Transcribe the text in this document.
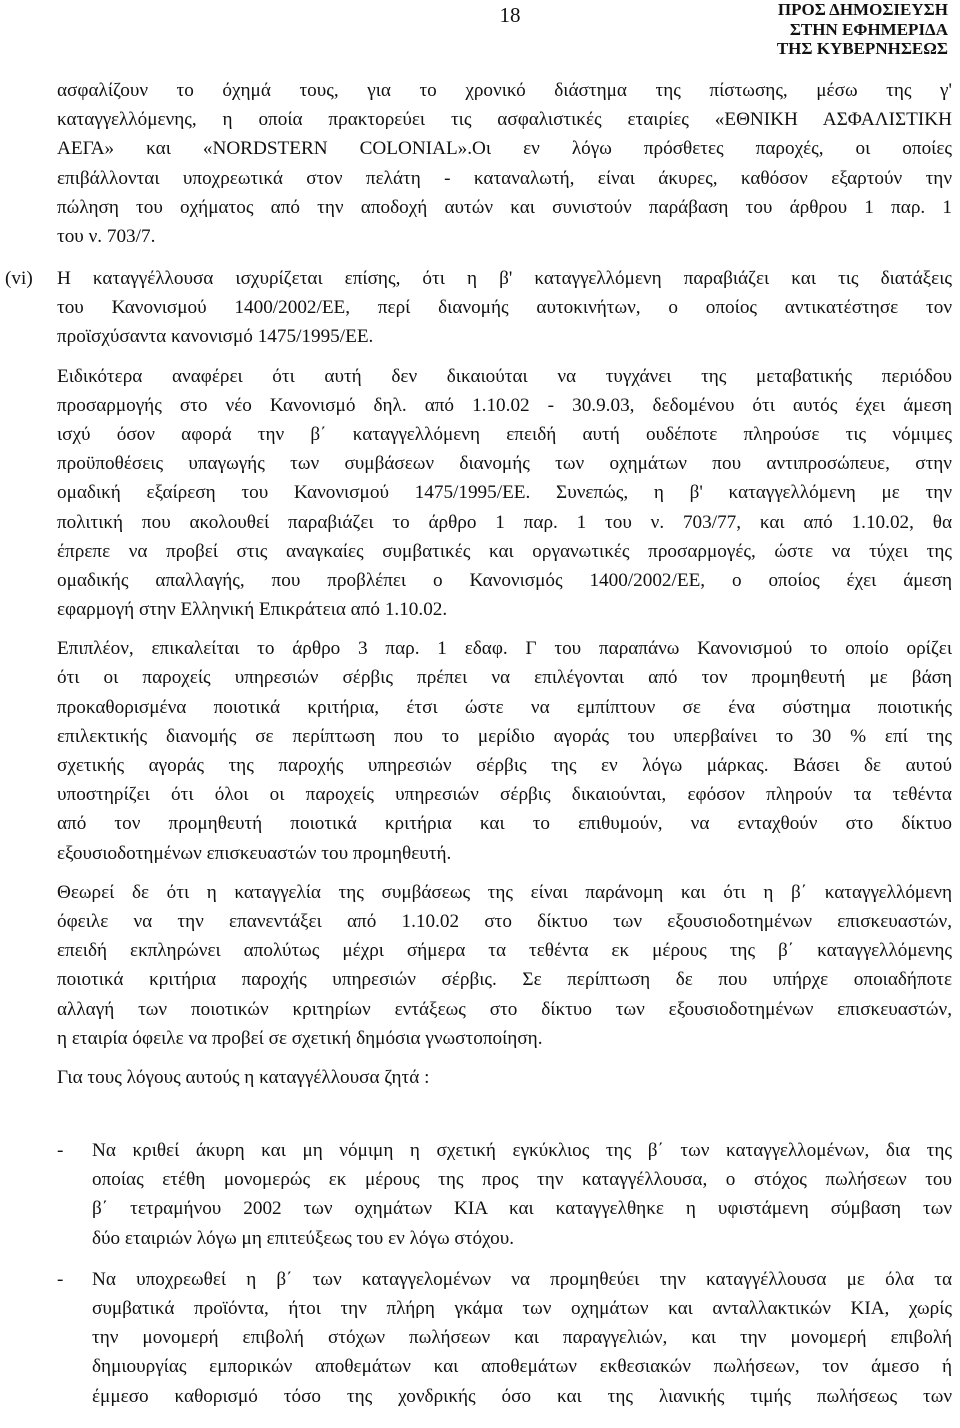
18	ΠΡΟΣ ΔΗΜΟΣΙΕΥΣΗ
ΣΤΗΝ ΕΦΗΜΕΡΙΔΑ
ΤΗΣ ΚΥΒΕΡΝΗΣΕΩΣ
ασφαλίζουν το όχημά τους, για το χρονικό διάστημα της πίστωσης, μέσω της γ'
καταγγελλόμενης, η οποία πρακτορεύει τις ασφαλιστικές εταιρίες «ΕΘΝΙΚΗ ΑΣΦΑΛΙΣΤΙΚΗ
ΑΕΓΑ» και «NORDSTERN COLONIAL».Οι εν λόγω πρόσθετες παροχές, οι οποίες
επιβάλλονται υποχρεωτικά στον πελάτη - καταναλωτή, είναι άκυρες, καθόσον εξαρτούν την
πώληση του οχήματος από την αποδοχή αυτών και συνιστούν παράβαση του άρθρου 1 παρ. 1
του ν. 703/7.
(vi) Η καταγγέλλουσα ισχυρίζεται επίσης, ότι η β' καταγγελλόμενη παραβιάζει και τις διατάξεις
του Κανονισμού 1400/2002/ΕΕ, περί διανομής αυτοκινήτων, ο οποίος αντικατέστησε τον
προϊσχύσαντα κανονισμό 1475/1995/ΕΕ.
Ειδικότερα αναφέρει ότι αυτή δεν δικαιούται να τυγχάνει της μεταβατικής περιόδου
προσαρμογής στο νέο Κανονισμό δηλ. από 1.10.02 - 30.9.03, δεδομένου ότι αυτός έχει άμεση
ισχύ όσον αφορά την β΄ καταγγελλόμενη επειδή αυτή ουδέποτε πληρούσε τις νόμιμες
προϋποθέσεις υπαγωγής των συμβάσεων διανομής των οχημάτων που αντιπροσώπευε, στην
ομαδική εξαίρεση του Κανονισμού 1475/1995/ΕΕ. Συνεπώς, η β' καταγγελλόμενη με την
πολιτική που ακολουθεί παραβιάζει το άρθρο 1 παρ. 1 του ν. 703/77, και από 1.10.02, θα
έπρεπε να προβεί στις αναγκαίες συμβατικές και οργανωτικές προσαρμογές, ώστε να τύχει της
ομαδικής απαλλαγής, που προβλέπει ο Κανονισμός 1400/2002/ΕΕ, ο οποίος έχει άμεση
εφαρμογή στην Ελληνική Επικράτεια από 1.10.02.
Επιπλέον, επικαλείται το άρθρο 3 παρ. 1 εδαφ. Γ του παραπάνω Κανονισμού το οποίο ορίζει
ότι οι παροχείς υπηρεσιών σέρβις πρέπει να επιλέγονται από τον προμηθευτή με βάση
προκαθορισμένα ποιοτικά κριτήρια, έτσι ώστε να εμπίπτουν σε ένα σύστημα ποιοτικής
επιλεκτικής διανομής σε περίπτωση που το μερίδιο αγοράς του υπερβαίνει το 30 % επί της
σχετικής αγοράς της παροχής υπηρεσιών σέρβις της εν λόγω μάρκας. Βάσει δε αυτού
υποστηρίζει ότι όλοι οι παροχείς υπηρεσιών σέρβις δικαιούνται, εφόσον πληρούν τα τεθέντα
από τον προμηθευτή ποιοτικά κριτήρια και το επιθυμούν, να ενταχθούν στο δίκτυο
εξουσιοδοτημένων επισκευαστών του προμηθευτή.
Θεωρεί δε ότι η καταγγελία της συμβάσεως της είναι παράνομη και ότι η β΄ καταγγελλόμενη
όφειλε να την επανεντάξει από 1.10.02 στο δίκτυο των εξουσιοδοτημένων επισκευαστών,
επειδή εκπληρώνει απολύτως μέχρι σήμερα τα τεθέντα εκ μέρους της β΄ καταγγελλόμενης
ποιοτικά κριτήρια παροχής υπηρεσιών σέρβις. Σε περίπτωση δε που υπήρχε οποιαδήποτε
αλλαγή των ποιοτικών κριτηρίων εντάξεως στο δίκτυο των εξουσιοδοτημένων επισκευαστών,
η εταιρία όφειλε να προβεί σε σχετική δημόσια γνωστοποίηση.
Για τους λόγους αυτούς η καταγγέλλουσα ζητά :
- Να κριθεί άκυρη και μη νόμιμη η σχετική εγκύκλιος της β΄ των καταγγελλομένων, δια της
οποίας ετέθη μονομερώς εκ μέρους της προς την καταγγέλλουσα, ο στόχος πωλήσεων του
β΄ τετραμήνου 2002 των οχημάτων ΚΙΑ και καταγγελθηκε η υφιστάμενη σύμβαση των
δύο εταιριών λόγω μη επιτεύξεως του εν λόγω στόχου.
- Να υποχρεωθεί η β΄ των καταγγελομένων να προμηθεύει την καταγγέλλουσα με όλα τα
συμβατικά προϊόντα, ήτοι την πλήρη γκάμα των οχημάτων και ανταλλακτικών ΚΙΑ, χωρίς
την μονομερή επιβολή στόχων πωλήσεων και παραγγελιών, και την μονομερή επιβολή
δημιουργίας εμπορικών αποθεμάτων και αποθεμάτων εκθεσιακών πωλήσεων, τον άμεσο ή
έμμεσο καθορισμό τόσο της χονδρικής όσο και της λιανικής τιμής πωλήσεως των
